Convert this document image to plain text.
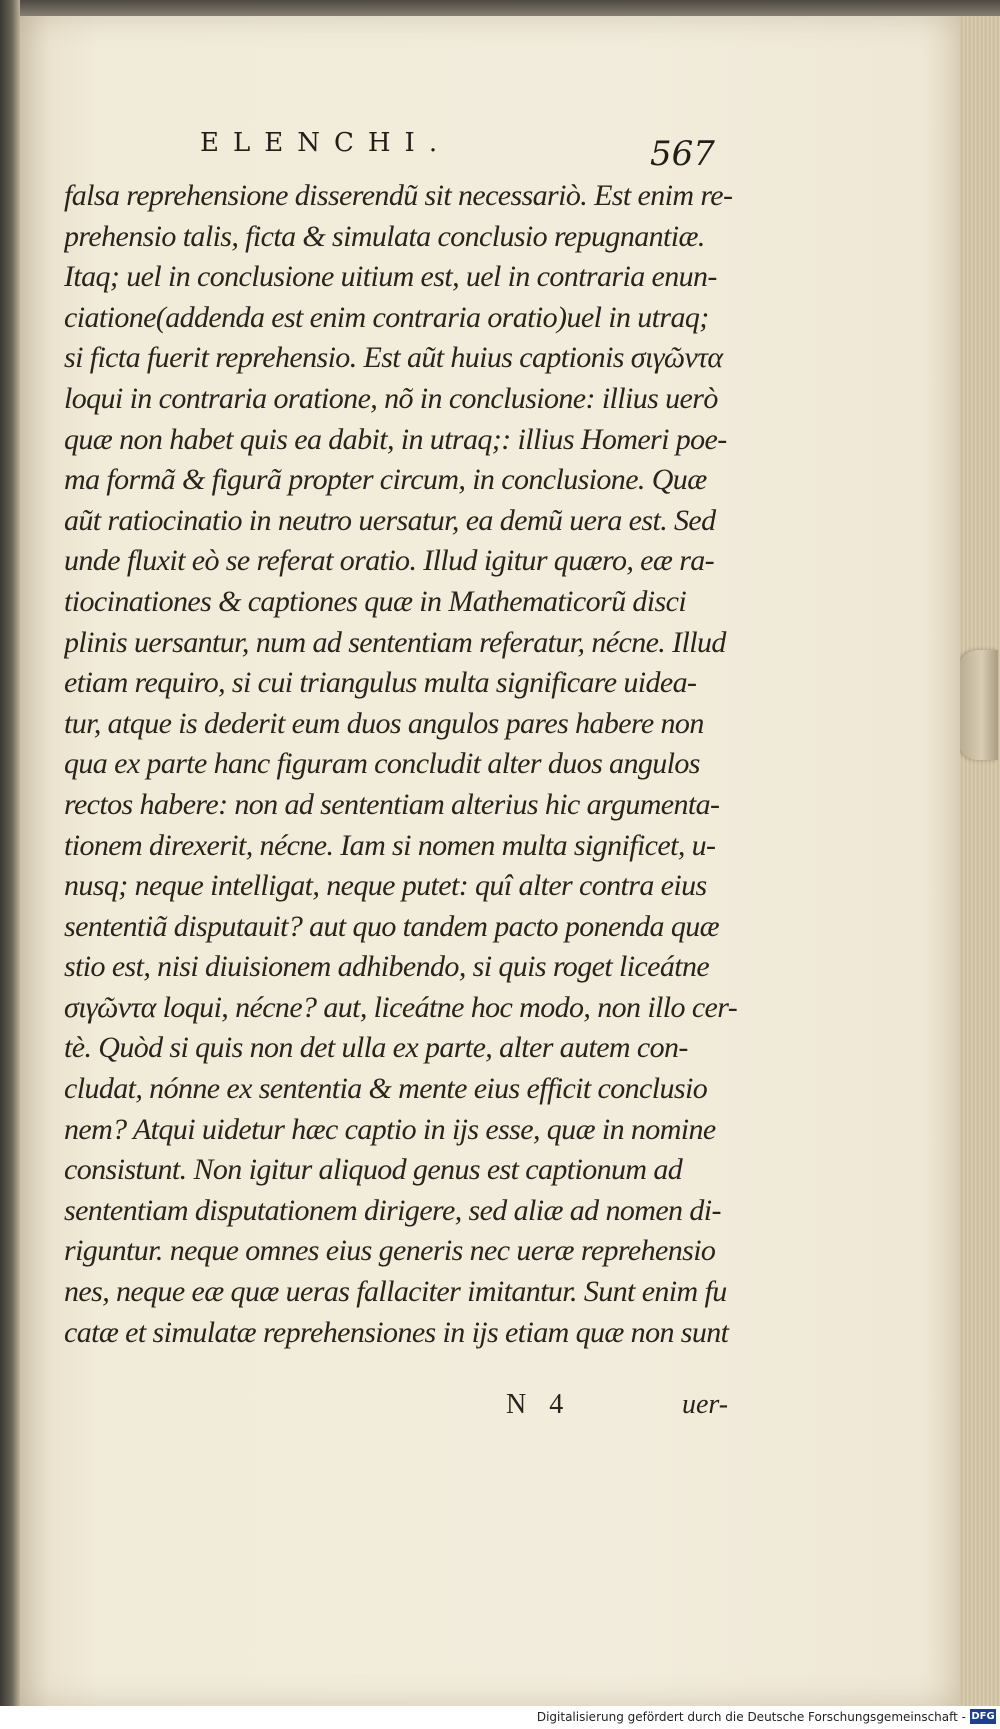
ELENCHI.	567
falsa reprehensione disserendũ sit necessariò. Est enim re-
prehensio talis, ficta & simulata conclusio repugnantiæ.
Itaq; uel in conclusione uitium est, uel in contraria enun-
ciatione(addenda est enim contraria oratio)uel in utraq;
si ficta fuerit reprehensio. Est aũt huius captionis σιγῶντα
loqui in contraria oratione, nõ in conclusione: illius uerò
quæ non habet quis ea dabit, in utraq;: illius Homeri poe-
ma formã & figurã propter circum, in conclusione. Quæ
aũt ratiocinatio in neutro uersatur, ea demũ uera est. Sed
unde fluxit eò se referat oratio. Illud igitur quæro, eæ ra-
tiocinationes & captiones quæ in Mathematicorũ disci
plinis uersantur, num ad sententiam referatur, nécne. Illud
etiam requiro, si cui triangulus multa significare uidea-
tur, atque is dederit eum duos angulos pares habere non
qua ex parte hanc figuram concludit alter duos angulos
rectos habere: non ad sententiam alterius hic argumenta-
tionem direxerit, nécne. Iam si nomen multa significet, u-
nusq; neque intelligat, neque putet: quî alter contra eius
sententiã disputauit? aut quo tandem pacto ponenda quæ
stio est, nisi diuisionem adhibendo, si quis roget liceátne
σιγῶντα loqui, nécne? aut, liceátne hoc modo, non illo cer-
tè. Quòd si quis non det ulla ex parte, alter autem con-
cludat, nónne ex sententia & mente eius efficit conclusio
nem? Atqui uidetur hæc captio in ijs esse, quæ in nomine
consistunt. Non igitur aliquod genus est captionum ad
sententiam disputationem dirigere, sed aliæ ad nomen di-
riguntur. neque omnes eius generis nec ueræ reprehensio
nes, neque eæ quæ ueras fallaciter imitantur. Sunt enim fu
catæ et simulatæ reprehensiones in ijs etiam quæ non sunt
N 4	uer-
Digitalisierung gefördert durch die Deutsche Forschungsgemeinschaft - DFG
